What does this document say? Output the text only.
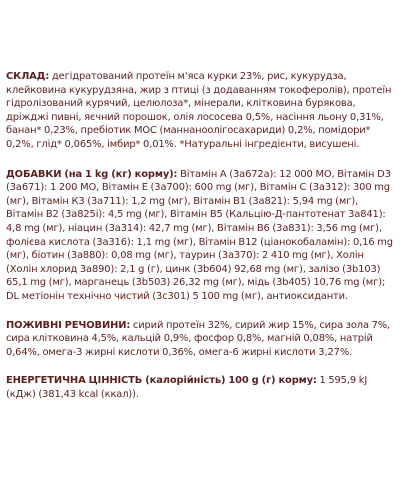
СКЛАД: дегідратований протеїн м'яса курки 23%, рис, кукурудза, клейковина кукурудзяна, жир з птиці (з додаванням токоферолів), протеїн гідролізований курячий, целюлоза*, мінерали, клітковина бурякова, дріжджі пивні, яєчний порошок, олія лососева 0,5%, насіння льону 0,31%, банан* 0,23%, пребіотик MOC (маннаноолігосахариди) 0,2%, помідори* 0,2%, глід* 0,065%, імбир* 0,01%. *Натуральні інгредієнти, висушені.

ДОБАВКИ (на 1 kg (кг) корму): Вітамін А (3a672a): 12 000 МО, Вітамін D3 (3a671): 1 200 МО, Вітамін Е (3a700): 600 mg (мг), Вітамін С (3a312): 300 mg (мг), Вітамін К3 (3a711): 1,2 mg (мг), Вітамін В1 (3a821): 5,94 mg (мг), Вітамін В2 (3a825i): 4,5 mg (мг), Вітамін В5 (Кальцію-Д-пантотенат 3a841): 4,8 mg (мг), ніацин (3a314): 42,7 mg (мг), Вітамін В6 (3a831): 3,56 mg (мг), фолієва кислота (3a316): 1,1 mg (мг), Вітамін В12 (ціанокобаламін): 0,16 mg (мг), біотин (3a880): 0,08 mg (мг), таурин (3a370): 2 410 mg (мг), Холін (Холін хлорид 3a890): 2,1 g (г), цинк (3b604) 92,68 mg (мг), залізо (3b103) 65,1 mg (мг), марганець (3b503) 26,32 mg (мг), мідь (3b405) 10,76 mg (мг); DL метіонін технічно чистий (3c301) 5 100 mg (мг), антиоксиданти.

ПОЖИВНІ РЕЧОВИНИ: сирий протеїн 32%, сирий жир 15%, сира зола 7%, сира клітковина 4,5%, кальцій 0,9%, фосфор 0,8%, магній 0,08%, натрій 0,64%, омега-3 жирні кислоти 0,36%, омега-6 жирні кислоти 3,27%.

ЕНЕРГЕТИЧНА ЦІННІСТЬ (калорійність) 100 g (г) корму: 1 595,9 kJ (кДж) (381,43 kcal (ккал)).
